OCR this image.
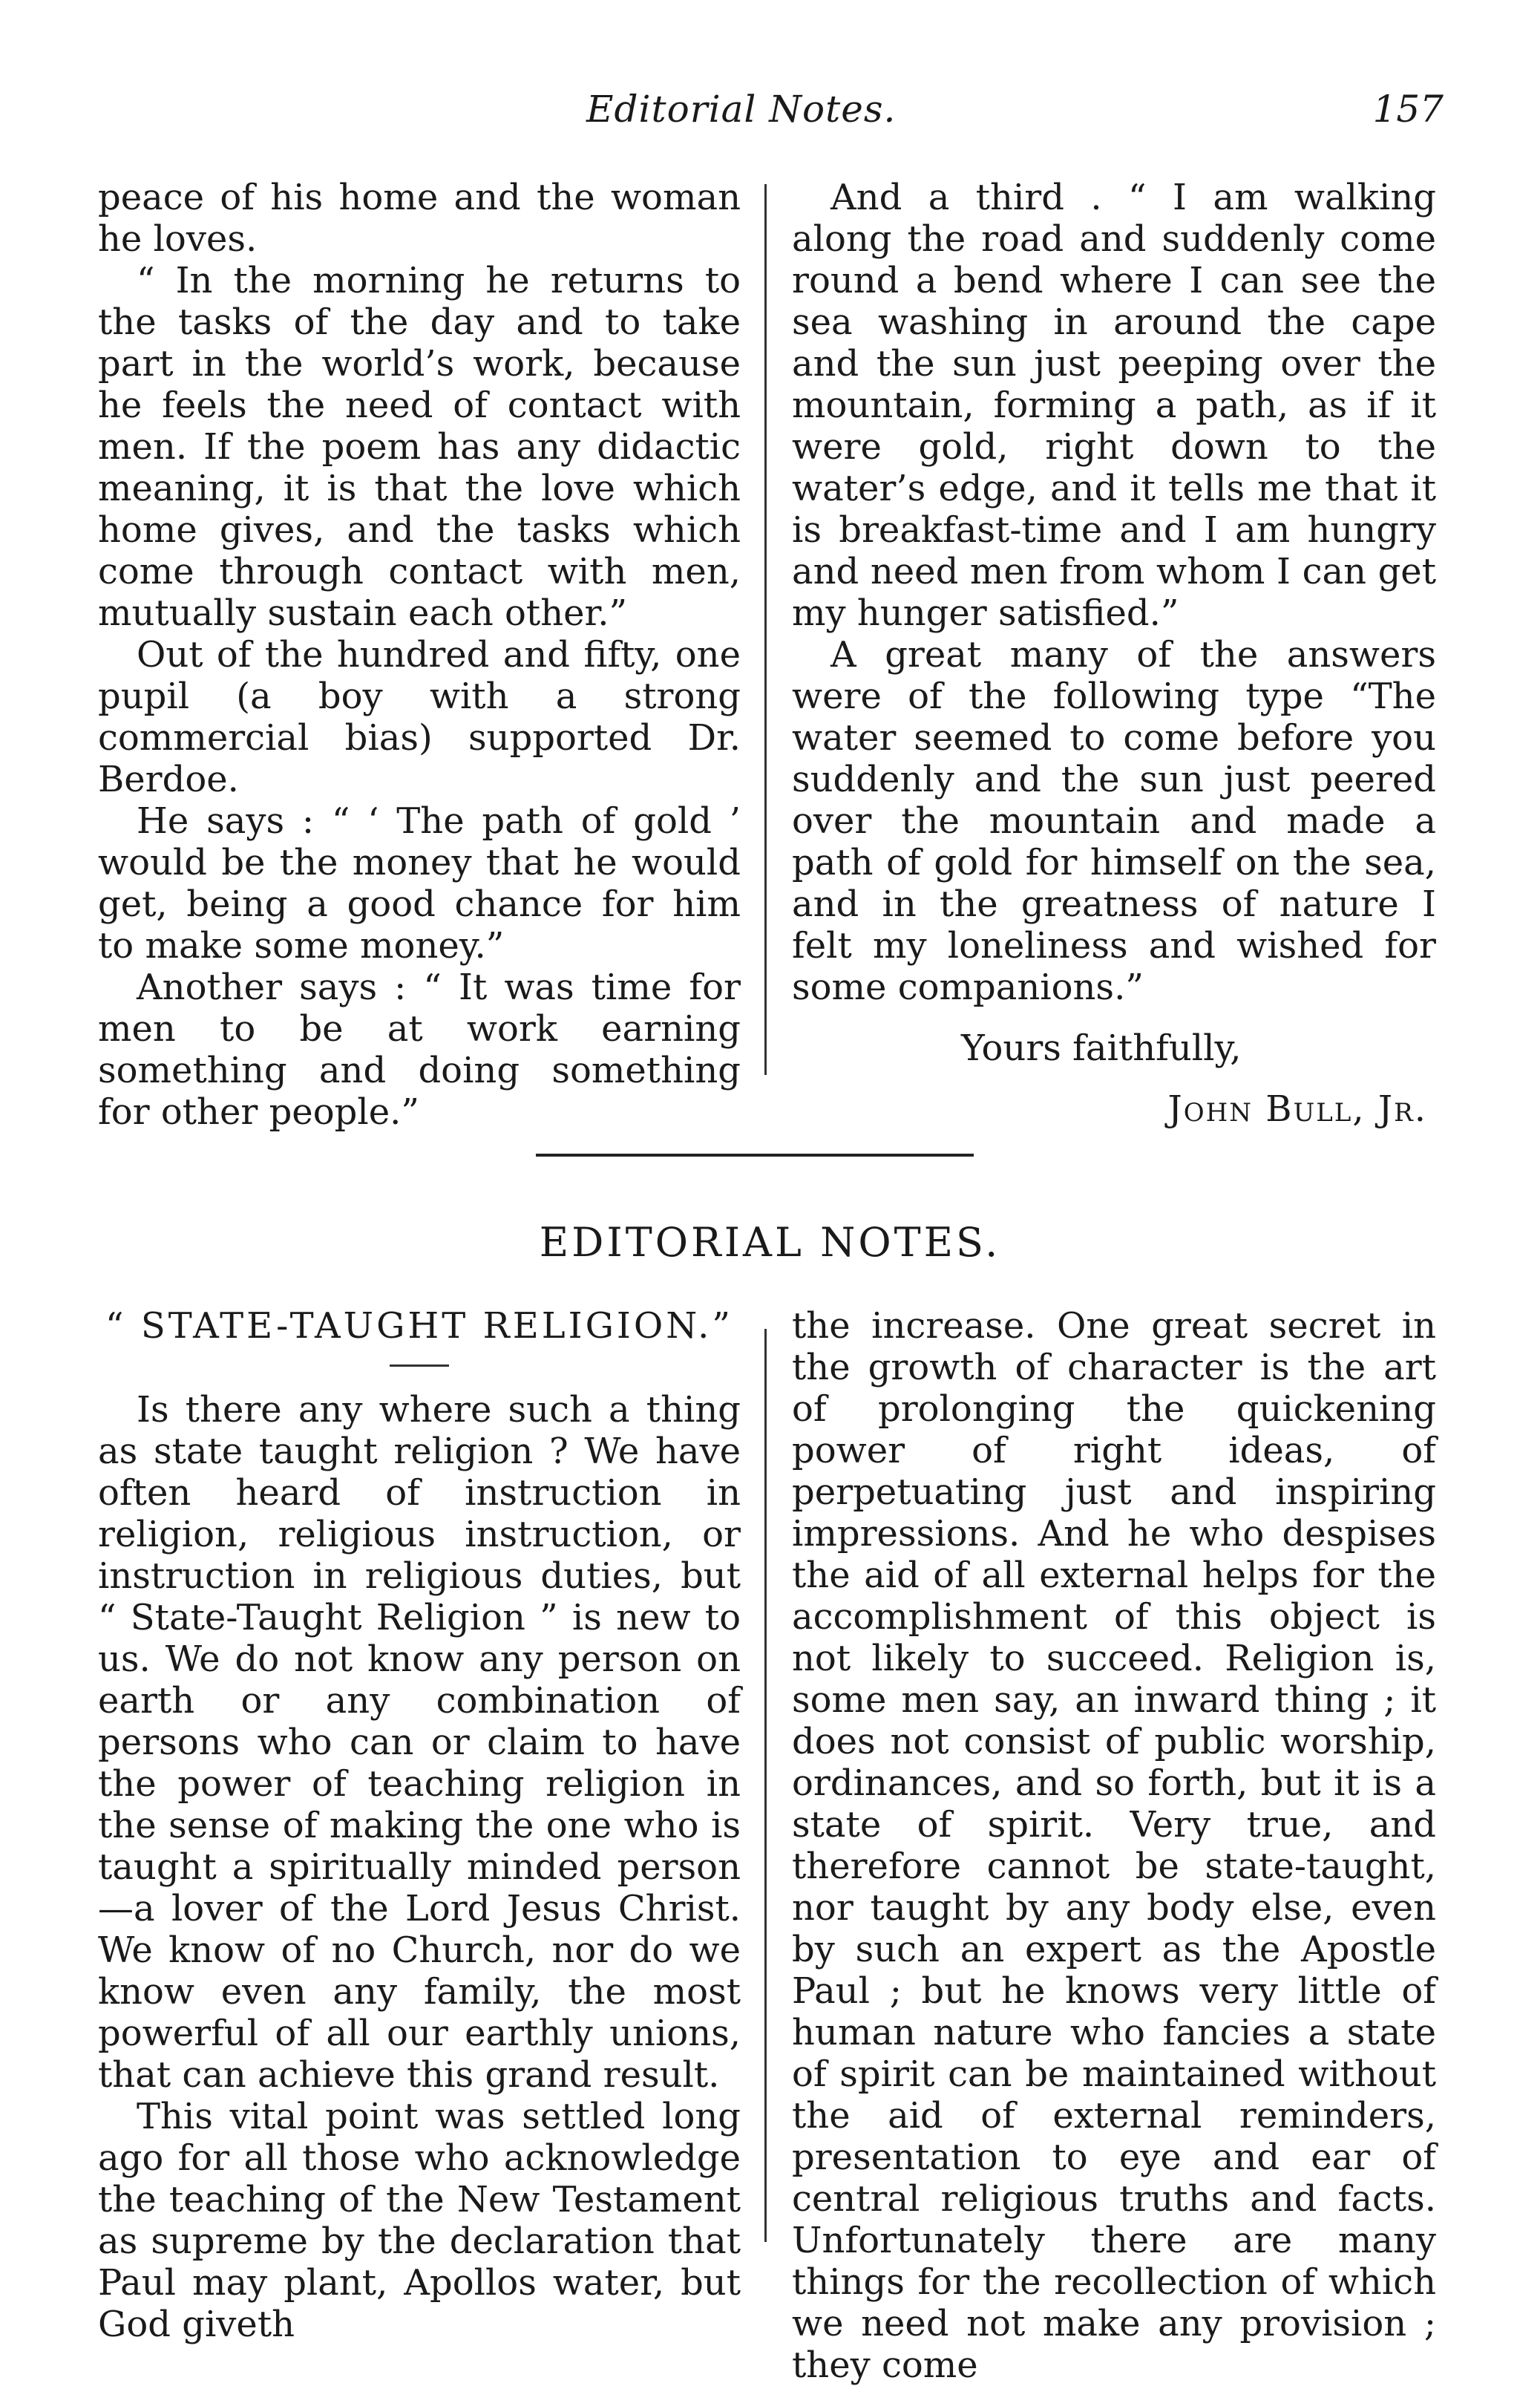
Editorial Notes.	157

peace of his home and the woman he loves.

“ In the morning he returns to the tasks of the day and to take part in the world’s work, because he feels the need of contact with men. If the poem has any didactic meaning, it is that the love which home gives, and the tasks which come through contact with men, mutually sustain each other.”

Out of the hundred and fifty, one pupil (a boy with a strong commercial bias) supported Dr. Berdoe.

He says : “ ‘ The path of gold ’ would be the money that he would get, being a good chance for him to make some money.”

Another says : “ It was time for men to be at work earning something and doing something for other people.”

And a third . “ I am walking along the road and suddenly come round a bend where I can see the sea washing in around the cape and the sun just peeping over the mountain, forming a path, as if it were gold, right down to the water’s edge, and it tells me that it is breakfast-time and I am hungry and need men from whom I can get my hunger satisfied.”

A great many of the answers were of the following type “The water seemed to come before you suddenly and the sun just peered over the mountain and made a path of gold for himself on the sea, and in the greatness of nature I felt my loneliness and wished for some companions.”

Yours faithfully,

John Bull, Jr.

EDITORIAL NOTES.

“ STATE-TAUGHT RELIGION.”

Is there any where such a thing as state taught religion ? We have often heard of instruction in religion, religious instruction, or instruction in religious duties, but “ State-Taught Religion ” is new to us. We do not know any person on earth or any combination of persons who can or claim to have the power of teaching religion in the sense of making the one who is taught a spiritually minded person—a lover of the Lord Jesus Christ. We know of no Church, nor do we know even any family, the most powerful of all our earthly unions, that can achieve this grand result.

This vital point was settled long ago for all those who acknowledge the teaching of the New Testament as supreme by the declaration that Paul may plant, Apollos water, but God giveth

the increase. One great secret in the growth of character is the art of prolonging the quickening power of right ideas, of perpetuating just and inspiring impressions. And he who despises the aid of all external helps for the accomplishment of this object is not likely to succeed. Religion is, some men say, an inward thing ; it does not consist of public worship, ordinances, and so forth, but it is a state of spirit. Very true, and therefore cannot be state-taught, nor taught by any body else, even by such an expert as the Apostle Paul ; but he knows very little of human nature who fancies a state of spirit can be maintained without the aid of external reminders, presentation to eye and ear of central religious truths and facts. Unfortunately there are many things for the recollection of which we need not make any provision ; they come
